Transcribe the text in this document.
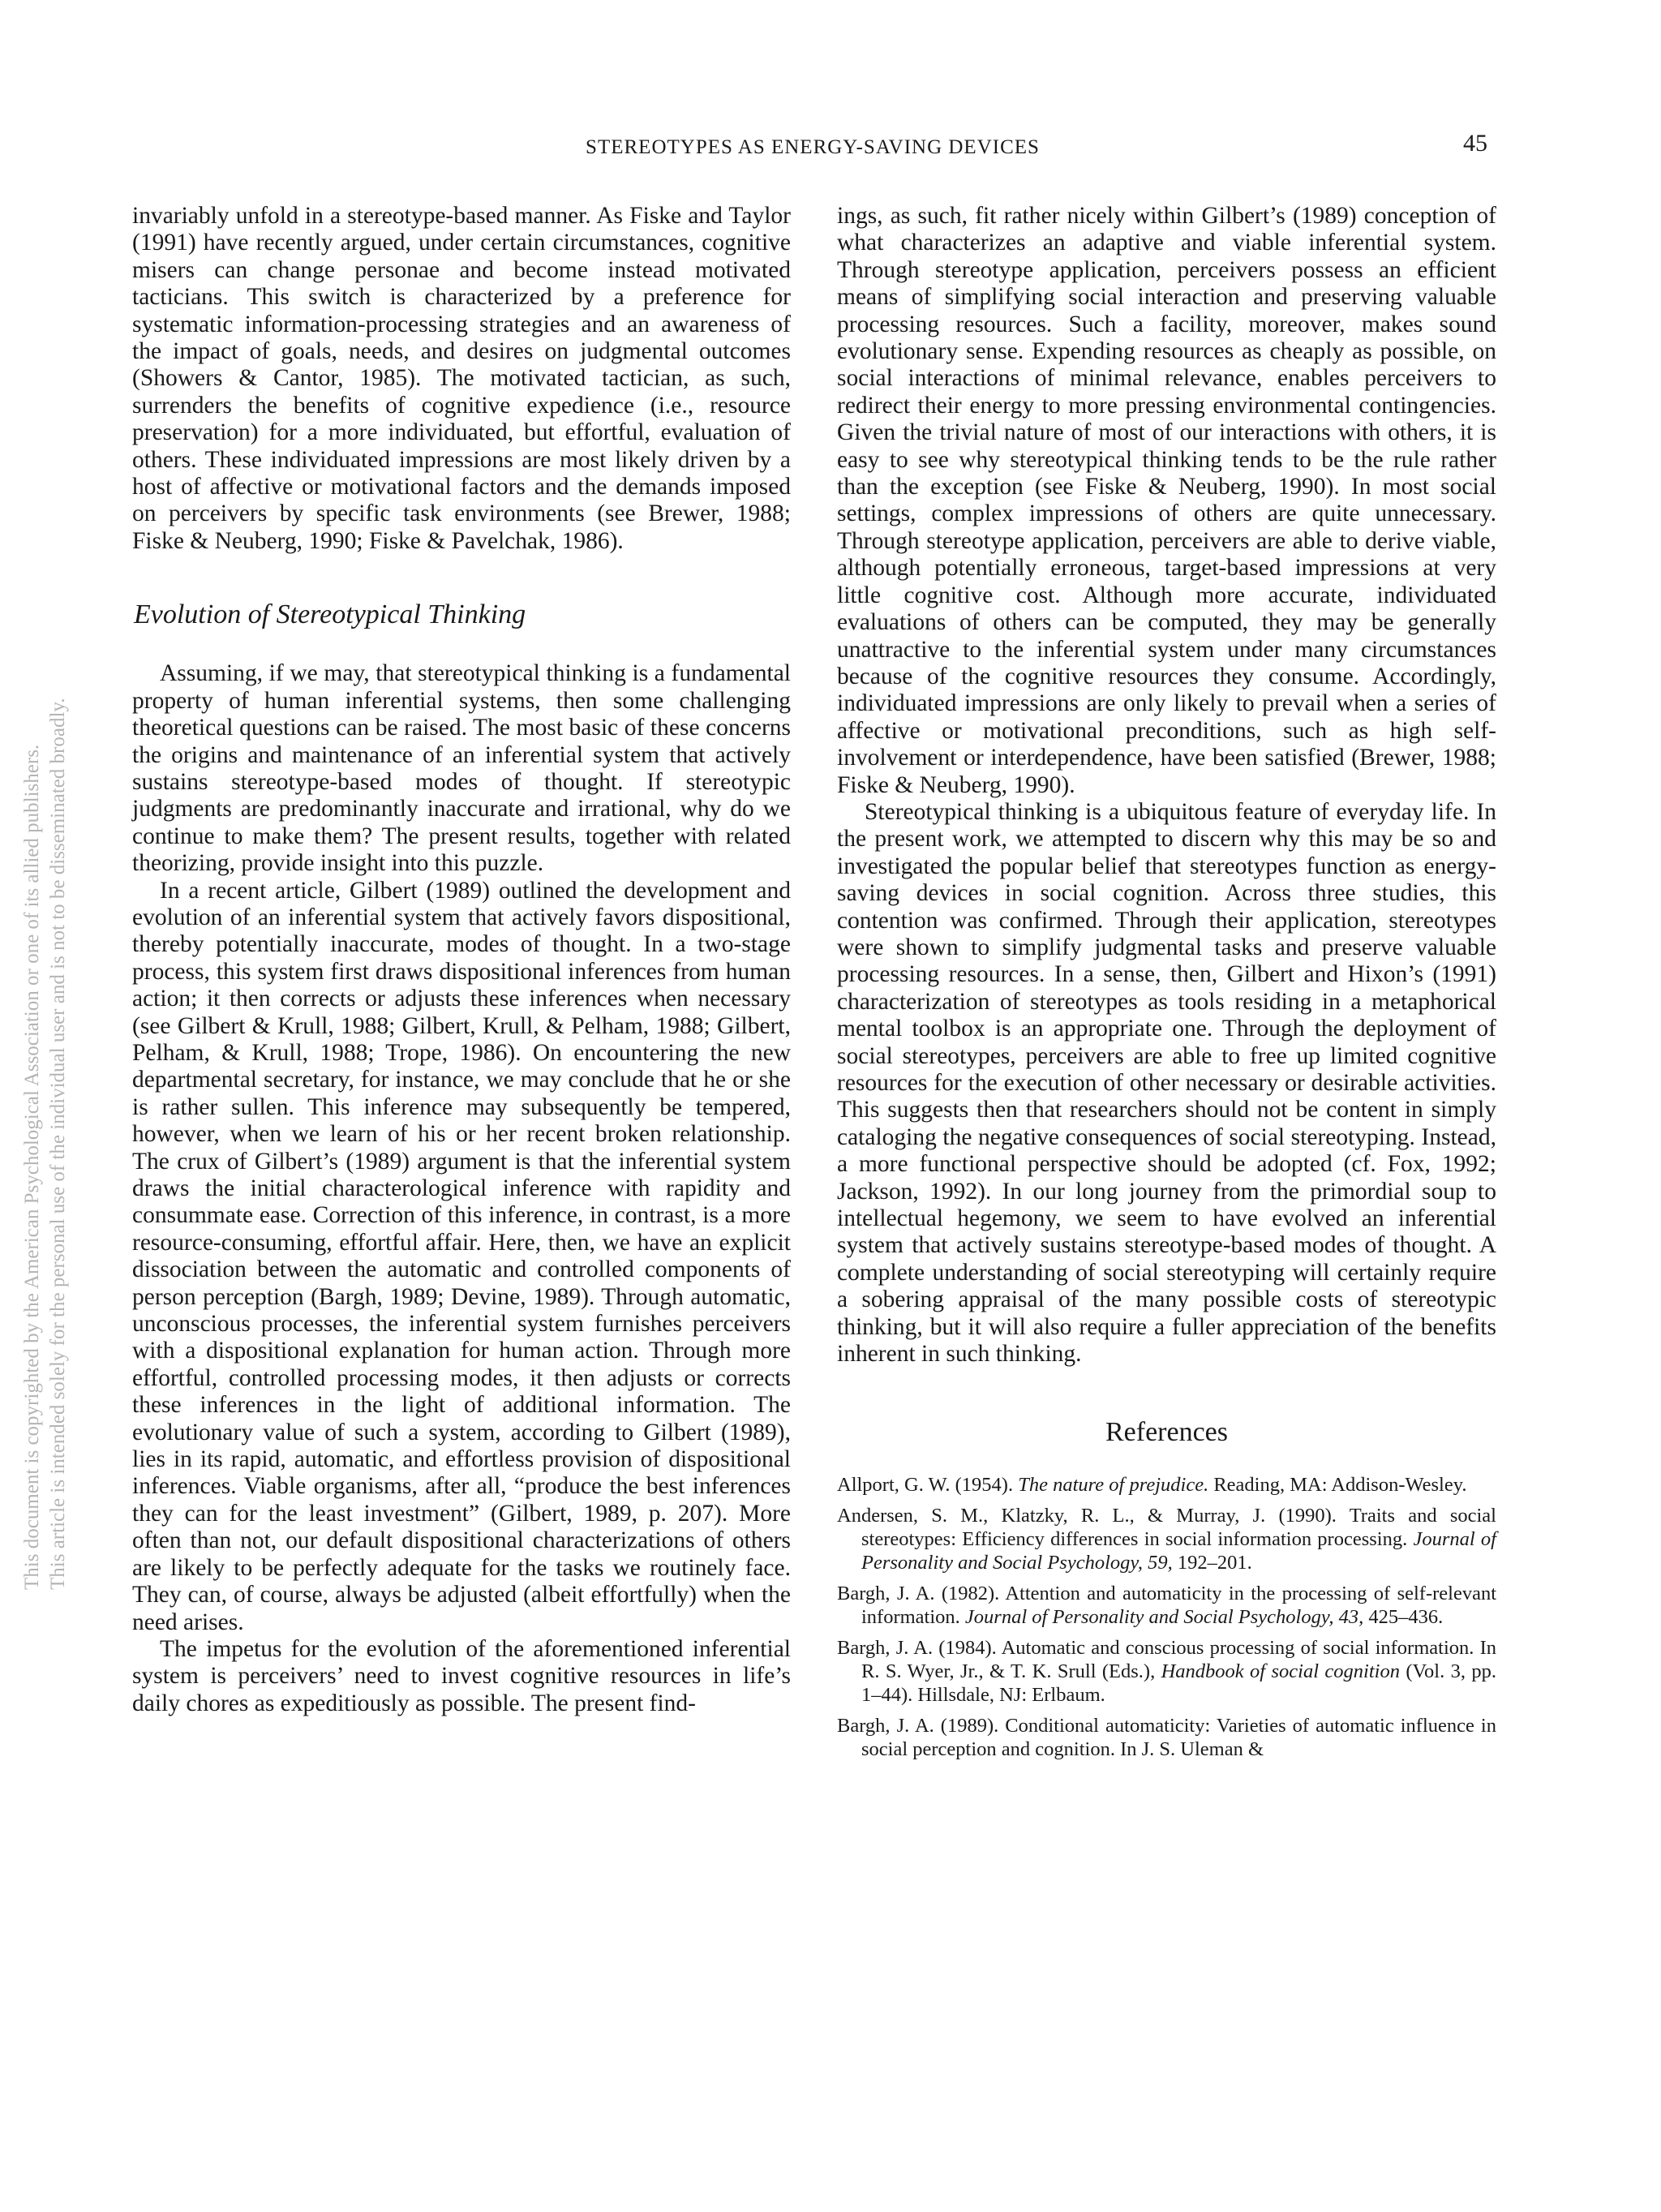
This document is copyrighted by the American Psychological Association or one of its allied publishers. This article is intended solely for the personal use of the individual user and is not to be disseminated broadly.
STEREOTYPES AS ENERGY-SAVING DEVICES	45

invariably unfold in a stereotype-based manner. As Fiske and Taylor (1991) have recently argued, under certain circumstances, cognitive misers can change personae and become instead motivated tacticians. This switch is characterized by a preference for systematic information-processing strategies and an awareness of the impact of goals, needs, and desires on judgmental outcomes (Showers & Cantor, 1985). The motivated tactician, as such, surrenders the benefits of cognitive expedience (i.e., resource preservation) for a more individuated, but effortful, evaluation of others. These individuated impressions are most likely driven by a host of affective or motivational factors and the demands imposed on perceivers by specific task environments (see Brewer, 1988; Fiske & Neuberg, 1990; Fiske & Pavelchak, 1986).

Evolution of Stereotypical Thinking

Assuming, if we may, that stereotypical thinking is a fundamental property of human inferential systems, then some challenging theoretical questions can be raised. The most basic of these concerns the origins and maintenance of an inferential system that actively sustains stereotype-based modes of thought. If stereotypic judgments are predominantly inaccurate and irrational, why do we continue to make them? The present results, together with related theorizing, provide insight into this puzzle.

In a recent article, Gilbert (1989) outlined the development and evolution of an inferential system that actively favors dispositional, thereby potentially inaccurate, modes of thought. In a two-stage process, this system first draws dispositional inferences from human action; it then corrects or adjusts these inferences when necessary (see Gilbert & Krull, 1988; Gilbert, Krull, & Pelham, 1988; Gilbert, Pelham, & Krull, 1988; Trope, 1986). On encountering the new departmental secretary, for instance, we may conclude that he or she is rather sullen. This inference may subsequently be tempered, however, when we learn of his or her recent broken relationship. The crux of Gilbert’s (1989) argument is that the inferential system draws the initial characterological inference with rapidity and consummate ease. Correction of this inference, in contrast, is a more resource-consuming, effortful affair. Here, then, we have an explicit dissociation between the automatic and controlled components of person perception (Bargh, 1989; Devine, 1989). Through automatic, unconscious processes, the inferential system furnishes perceivers with a dispositional explanation for human action. Through more effortful, controlled processing modes, it then adjusts or corrects these inferences in the light of additional information. The evolutionary value of such a system, according to Gilbert (1989), lies in its rapid, automatic, and effortless provision of dispositional inferences. Viable organisms, after all, “produce the best inferences they can for the least investment” (Gilbert, 1989, p. 207). More often than not, our default dispositional characterizations of others are likely to be perfectly adequate for the tasks we routinely face. They can, of course, always be adjusted (albeit effortfully) when the need arises.

The impetus for the evolution of the aforementioned inferential system is perceivers’ need to invest cognitive resources in life’s daily chores as expeditiously as possible. The present find-

ings, as such, fit rather nicely within Gilbert’s (1989) conception of what characterizes an adaptive and viable inferential system. Through stereotype application, perceivers possess an efficient means of simplifying social interaction and preserving valuable processing resources. Such a facility, moreover, makes sound evolutionary sense. Expending resources as cheaply as possible, on social interactions of minimal relevance, enables perceivers to redirect their energy to more pressing environmental contingencies. Given the trivial nature of most of our interactions with others, it is easy to see why stereotypical thinking tends to be the rule rather than the exception (see Fiske & Neuberg, 1990). In most social settings, complex impressions of others are quite unnecessary. Through stereotype application, perceivers are able to derive viable, although potentially erroneous, target-based impressions at very little cognitive cost. Although more accurate, individuated evaluations of others can be computed, they may be generally unattractive to the inferential system under many circumstances because of the cognitive resources they consume. Accordingly, individuated impressions are only likely to prevail when a series of affective or motivational preconditions, such as high self-involvement or interdependence, have been satisfied (Brewer, 1988; Fiske & Neuberg, 1990).

Stereotypical thinking is a ubiquitous feature of everyday life. In the present work, we attempted to discern why this may be so and investigated the popular belief that stereotypes function as energy-saving devices in social cognition. Across three studies, this contention was confirmed. Through their application, stereotypes were shown to simplify judgmental tasks and preserve valuable processing resources. In a sense, then, Gilbert and Hixon’s (1991) characterization of stereotypes as tools residing in a metaphorical mental toolbox is an appropriate one. Through the deployment of social stereotypes, perceivers are able to free up limited cognitive resources for the execution of other necessary or desirable activities. This suggests then that researchers should not be content in simply cataloging the negative consequences of social stereotyping. Instead, a more functional perspective should be adopted (cf. Fox, 1992; Jackson, 1992). In our long journey from the primordial soup to intellectual hegemony, we seem to have evolved an inferential system that actively sustains stereotype-based modes of thought. A complete understanding of social stereotyping will certainly require a sobering appraisal of the many possible costs of stereotypic thinking, but it will also require a fuller appreciation of the benefits inherent in such thinking.

References
Allport, G. W. (1954). The nature of prejudice. Reading, MA: Addison-Wesley.
Andersen, S. M., Klatzky, R. L., & Murray, J. (1990). Traits and social stereotypes: Efficiency differences in social information processing. Journal of Personality and Social Psychology, 59, 192–201.
Bargh, J. A. (1982). Attention and automaticity in the processing of self-relevant information. Journal of Personality and Social Psychology, 43, 425–436.
Bargh, J. A. (1984). Automatic and conscious processing of social information. In R. S. Wyer, Jr., & T. K. Srull (Eds.), Handbook of social cognition (Vol. 3, pp. 1–44). Hillsdale, NJ: Erlbaum.
Bargh, J. A. (1989). Conditional automaticity: Varieties of automatic influence in social perception and cognition. In J. S. Uleman &
